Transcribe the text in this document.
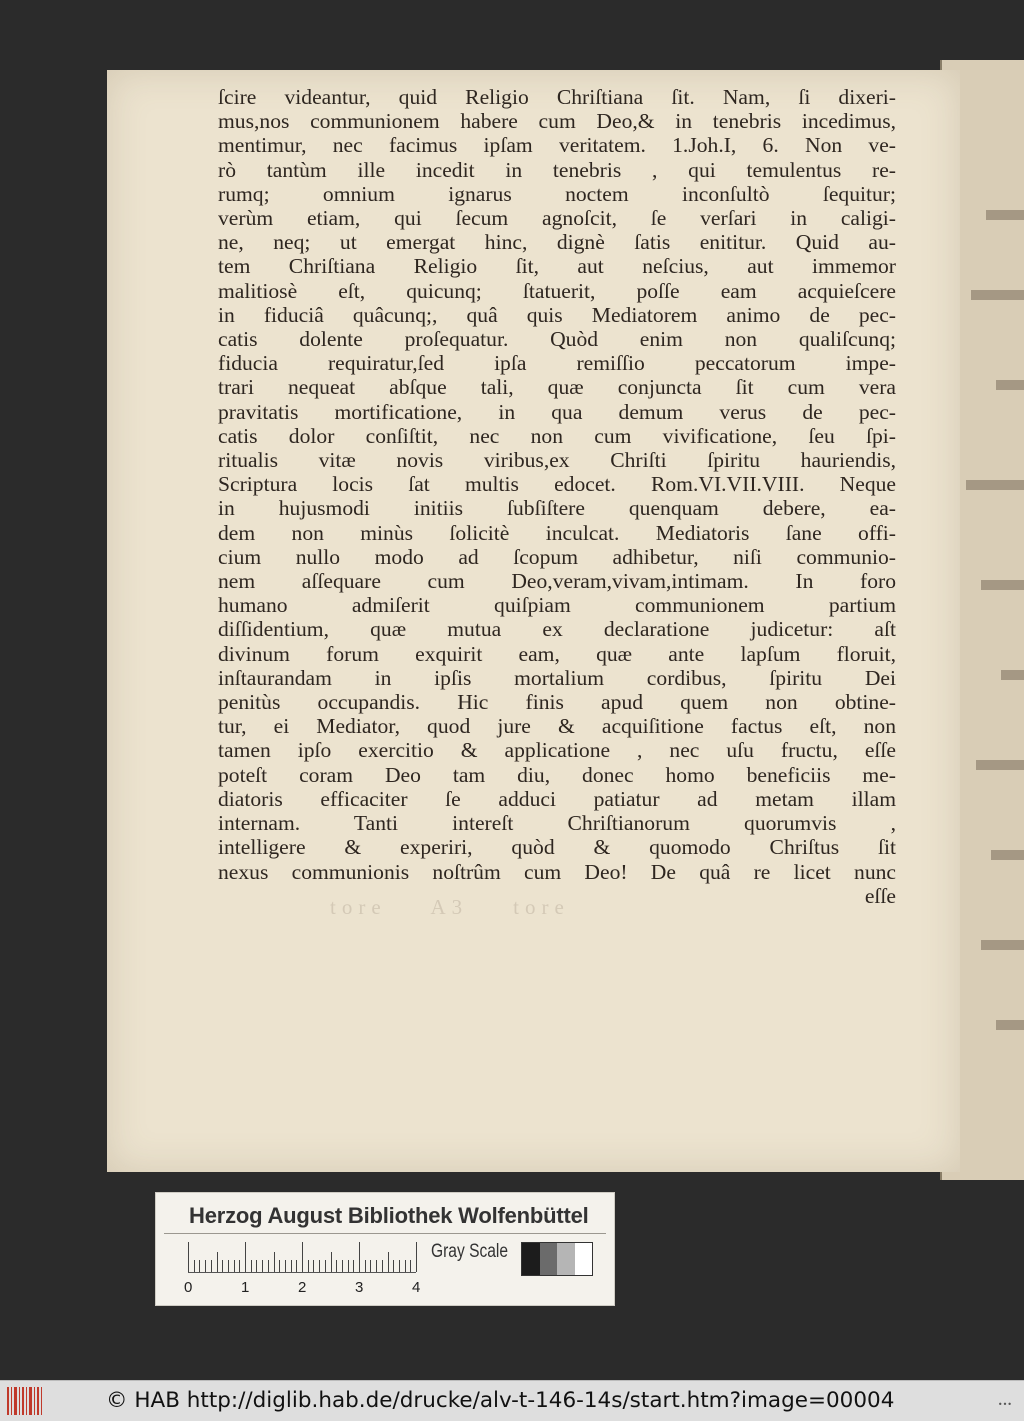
tore    A3    tore
ſcire videantur, quid Religio Chriſtiana ſit. Nam, ſi dixeri-
mus,nos communionem habere cum Deo,& in tenebris incedimus,
mentimur, nec facimus ipſam veritatem. 1.Joh.I, 6. Non ve-
rò tantùm ille incedit in tenebris , qui temulentus re-
rumq; omnium ignarus noctem inconſultò ſequitur;
verùm etiam, qui ſecum agnoſcit, ſe verſari in caligi-
ne, neq; ut emergat hinc, dignè ſatis enititur. Quid au-
tem Chriſtiana Religio ſit, aut neſcius, aut immemor
malitiosè eſt, quicunq; ſtatuerit, poſſe eam acquieſcere
in fiduciâ quâcunq;, quâ quis Mediatorem animo de pec-
catis dolente proſequatur. Quòd enim non qualiſcunq;
fiducia requiratur,ſed ipſa remiſſio peccatorum impe-
trari nequeat abſque tali, quæ conjuncta ſit cum vera
pravitatis mortificatione, in qua demum verus de pec-
catis dolor conſiſtit, nec non cum vivificatione, ſeu ſpi-
ritualis vitæ novis viribus,ex Chriſti ſpiritu hauriendis,
Scriptura locis ſat multis edocet. Rom.VI.VII.VIII. Neque
in hujusmodi initiis ſubſiſtere quenquam debere, ea-
dem non minùs ſolicitè inculcat. Mediatoris ſane offi-
cium nullo modo ad ſcopum adhibetur, niſi communio-
nem aſſequare cum Deo,veram,vivam,intimam. In foro
humano admiſerit quiſpiam communionem partium
diſſidentium, quæ mutua ex declaratione judicetur: aſt
divinum forum exquirit eam, quæ ante lapſum floruit,
inſtaurandam in ipſis mortalium cordibus, ſpiritu Dei
penitùs occupandis. Hic finis apud quem non obtine-
tur, ei Mediator, quod jure & acquiſitione factus eſt, non
tamen ipſo exercitio & applicatione , nec uſu fructu, eſſe
poteſt coram Deo tam diu, donec homo beneficiis me-
diatoris efficaciter ſe adduci patiatur ad metam illam
internam. Tanti intereſt Chriſtianorum quorumvis ,
intelligere & experiri, quòd & quomodo Chriſtus ſit
nexus communionis noſtrûm cum Deo! De quâ re licet nunc
eſſe
Herzog August Bibliothek Wolfenbüttel
0	1	2	3	4
Gray Scale
© HAB http://diglib.hab.de/drucke/alv-t-146-14s/start.htm?image=00004	•••
